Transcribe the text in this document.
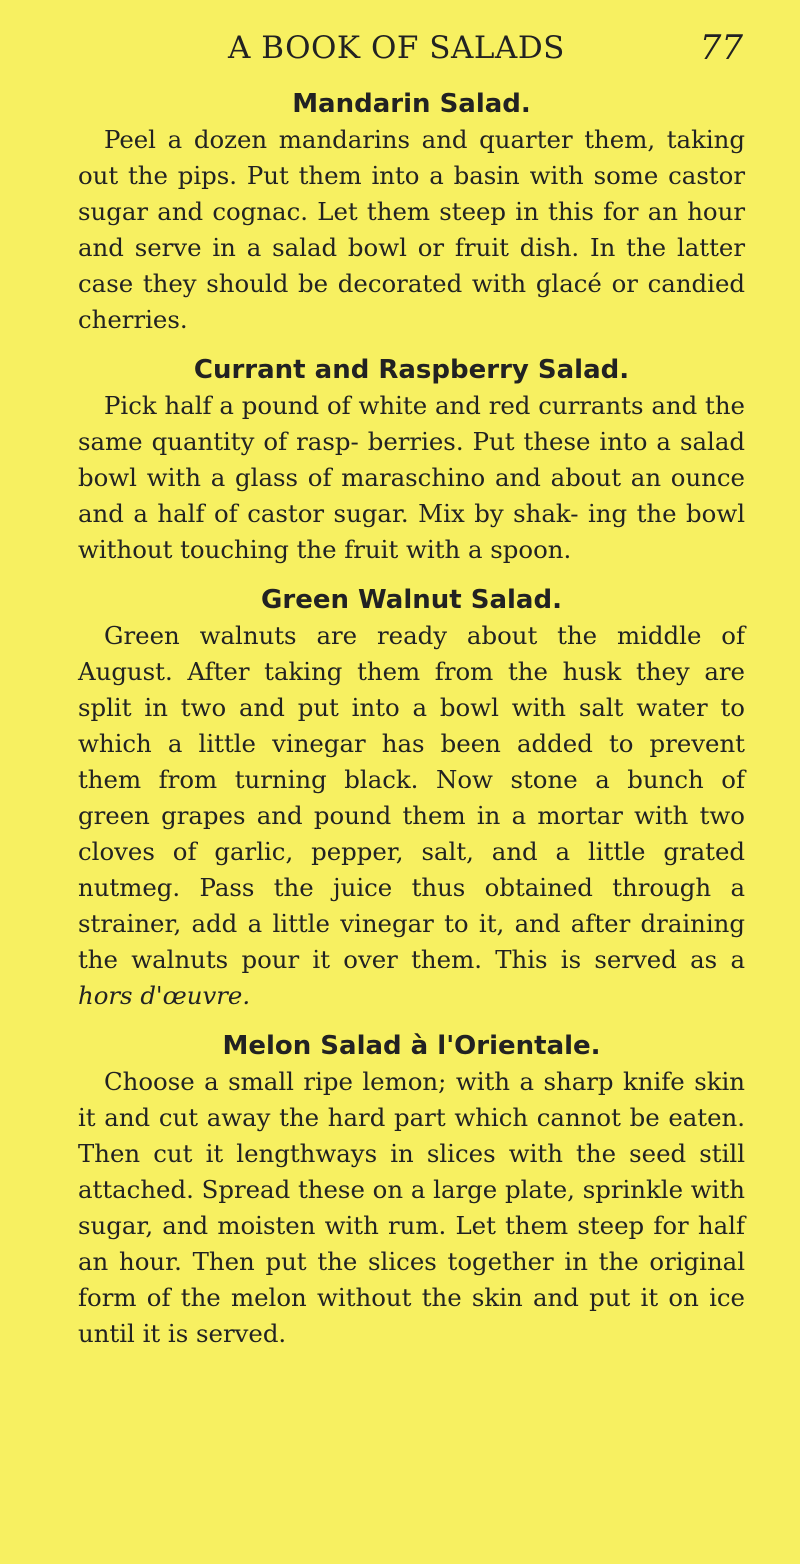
A BOOK OF SALADS	77
Mandarin Salad.

Peel a dozen mandarins and quarter them, taking out the pips. Put them into a basin with some castor sugar and cognac. Let them steep in this for an hour and serve in a salad bowl or fruit dish. In the latter case they should be decorated with glacé or candied cherries.

Currant and Raspberry Salad.

Pick half a pound of white and red currants and the same quantity of rasp- berries. Put these into a salad bowl with a glass of maraschino and about an ounce and a half of castor sugar. Mix by shak- ing the bowl without touching the fruit with a spoon.

Green Walnut Salad.

Green walnuts are ready about the middle of August. After taking them from the husk they are split in two and put into a bowl with salt water to which a little vinegar has been added to prevent them from turning black. Now stone a bunch of green grapes and pound them in a mortar with two cloves of garlic, pepper, salt, and a little grated nutmeg. Pass the juice thus obtained through a strainer, add a little vinegar to it, and after draining the walnuts pour it over them. This is served as a hors d'œuvre.

Melon Salad à l'Orientale.

Choose a small ripe lemon; with a sharp knife skin it and cut away the hard part which cannot be eaten. Then cut it lengthways in slices with the seed still attached. Spread these on a large plate, sprinkle with sugar, and moisten with rum. Let them steep for half an hour. Then put the slices together in the original form of the melon without the skin and put it on ice until it is served.
